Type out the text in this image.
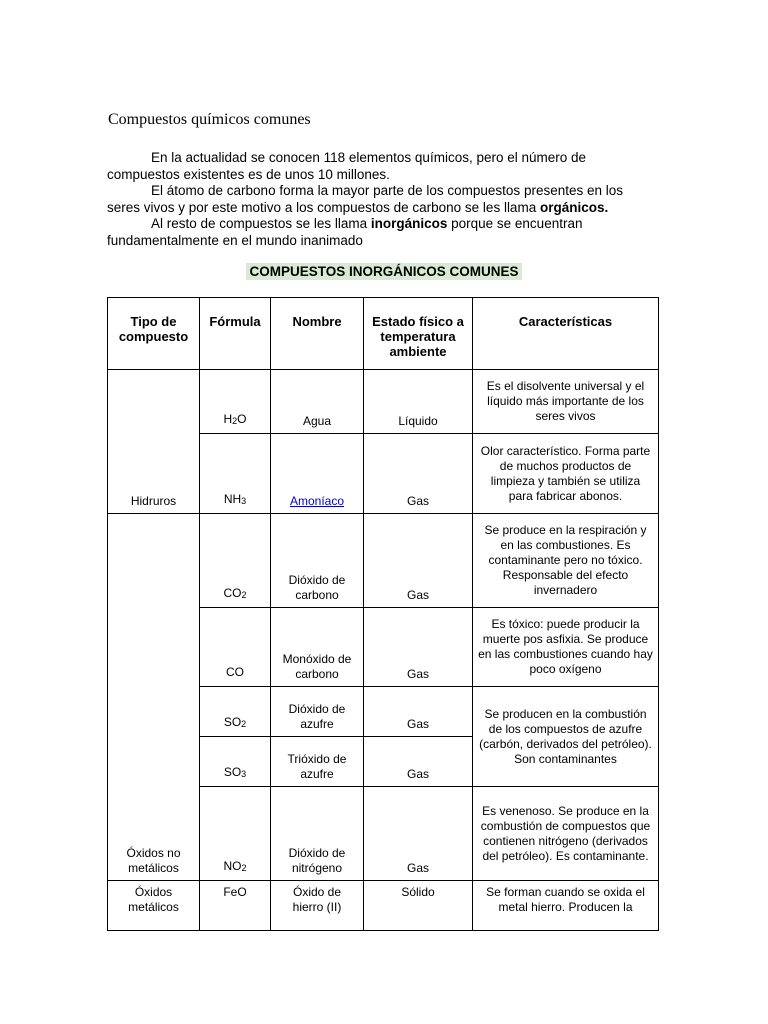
Compuestos químicos comunes

En la actualidad se conocen 118 elementos químicos, pero el número de compuestos existentes es de unos 10 millones.

El átomo de carbono forma la mayor parte de los compuestos presentes en los seres vivos y por este motivo a los compuestos de carbono se les llama orgánicos.

Al resto de compuestos se les llama inorgánicos porque se encuentran fundamentalmente en el mundo inanimado

COMPUESTOS INORGÁNICOS COMUNES
Tipo de compuesto	Fórmula	Nombre	Estado físico a temperatura ambiente	Características
Hidruros	$H_2O$	Agua	Líquido	Es el disolvente universal y el líquido más importante de los seres vivos
	$NH_3$	Amoníaco	Gas	Olor característico. Forma parte de muchos productos de limpieza y también se utiliza para fabricar abonos.
Óxidos no metálicos	$CO_2$	Dióxido de carbono	Gas	Se produce en la respiración y en las combustiones. Es contaminante pero no tóxico. Responsable del efecto invernadero
	CO	Monóxido de carbono	Gas	Es tóxico: puede producir la muerte pos asfixia. Se produce en las combustiones cuando hay poco oxígeno
	$SO_2$	Dióxido de azufre	Gas	Se producen en la combustión de los compuestos de azufre (carbón, derivados del petróleo). Son contaminantes
	$SO_3$	Trióxido de azufre	Gas	
	$NO_2$	Dióxido de nitrógeno	Gas	Es venenoso. Se produce en la combustión de compuestos que contienen nitrógeno (derivados del petróleo). Es contaminante.
Óxidos metálicos	FeO	Óxido de hierro (II)	Sólido	Se forman cuando se oxida el metal hierro. Producen la
